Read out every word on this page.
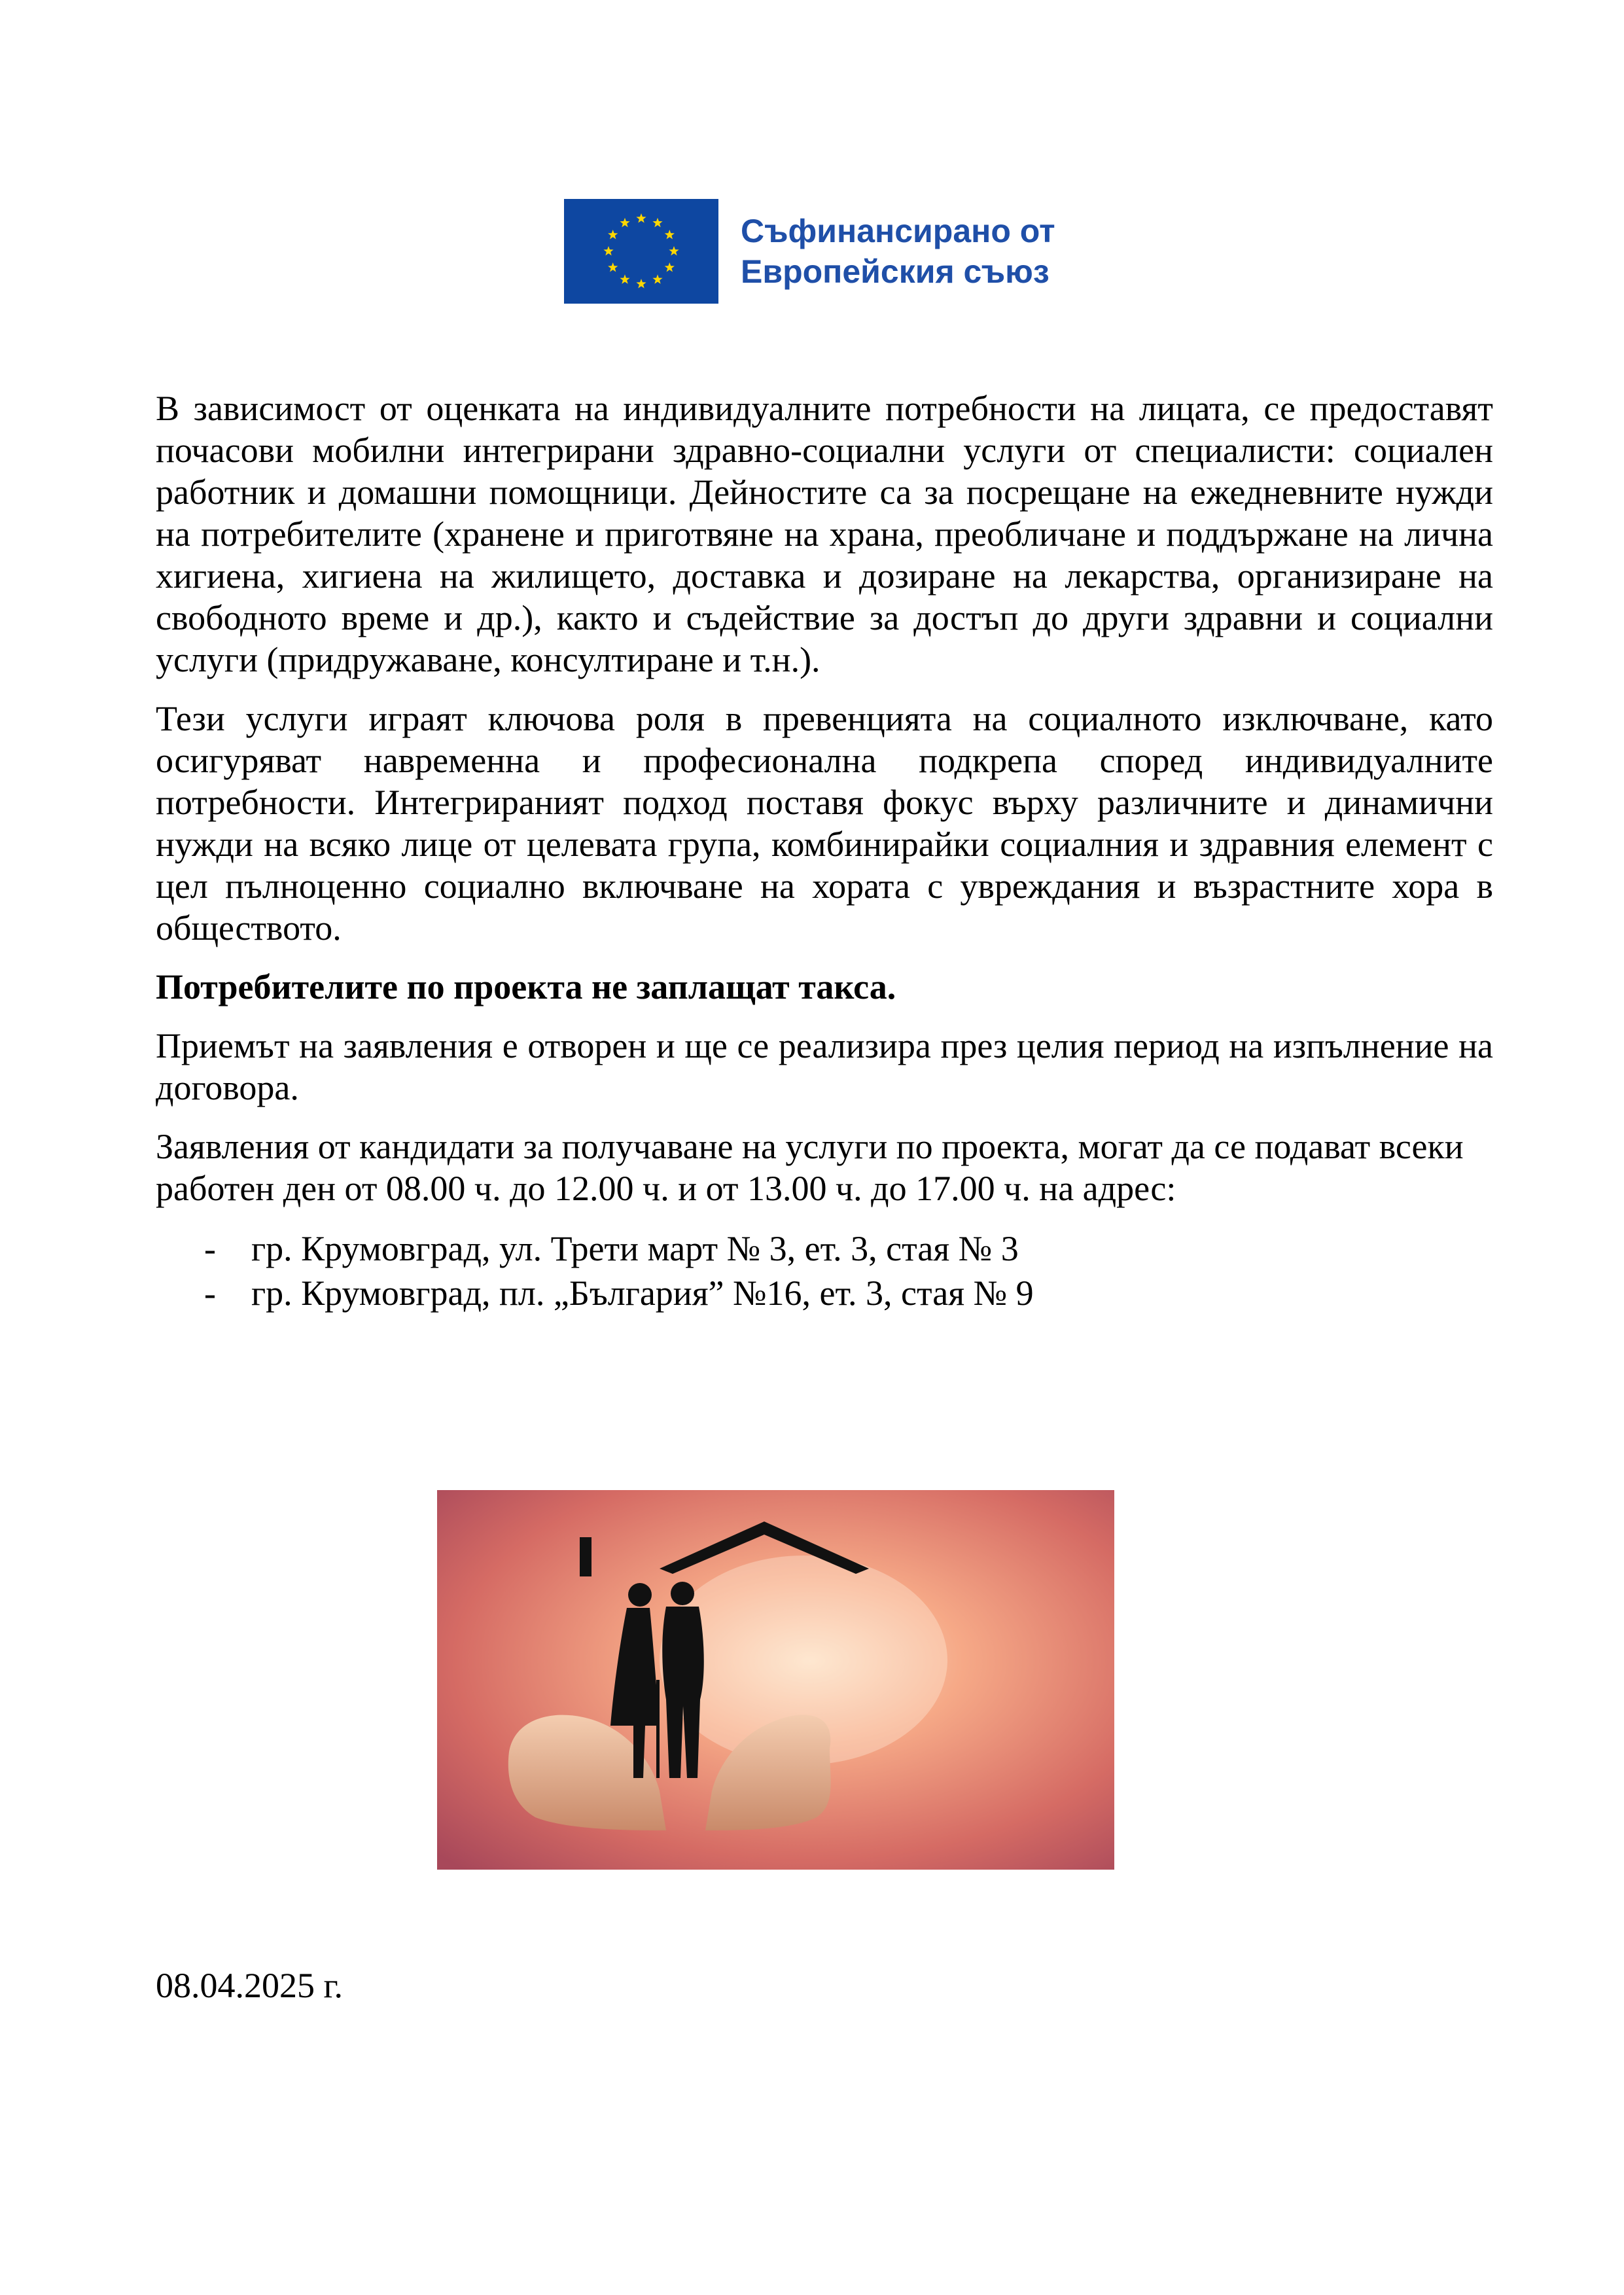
Съфинансирано от
Европейския съюз

В зависимост от оценката на индивидуалните потребности на лицата, се предоставят почасови мобилни интегрирани здравно-социални услуги от специалисти: социален работник и домашни помощници. Дейностите са за посрещане на ежедневните нужди на потребителите (хранене и приготвяне на храна, преобличане и поддържане на лична хигиена, хигиена на жилището, доставка и дозиране на лекарства, организиране на свободното време и др.), както и съдействие за достъп до други здравни и социални услуги (придружаване, консултиране и т.н.).

Тези услуги играят ключова роля в превенцията на социалното изключване, като осигуряват навременна и професионална подкрепа според индивидуалните потребности. Интегрираният подход поставя фокус върху различните и динамични нужди на всяко лице от целевата група, комбинирайки социалния и здравния елемент с цел пълноценно социално включване на хората с увреждания и възрастните хора в обществото.

Потребителите по проекта не заплащат такса.

Приемът на заявления е отворен и ще се реализира през целия период на изпълнение на договора.

Заявления от кандидати за получаване на услуги по проекта, могат да се подават всеки работен ден от 08.00 ч. до 12.00 ч. и от 13.00 ч. до 17.00 ч. на адрес:

-	гр. Крумовград, ул. Трети март № 3, ет. 3, стая № 3
-	гр. Крумовград, пл. „България” №16, ет. 3, стая № 9
08.04.2025 г.
